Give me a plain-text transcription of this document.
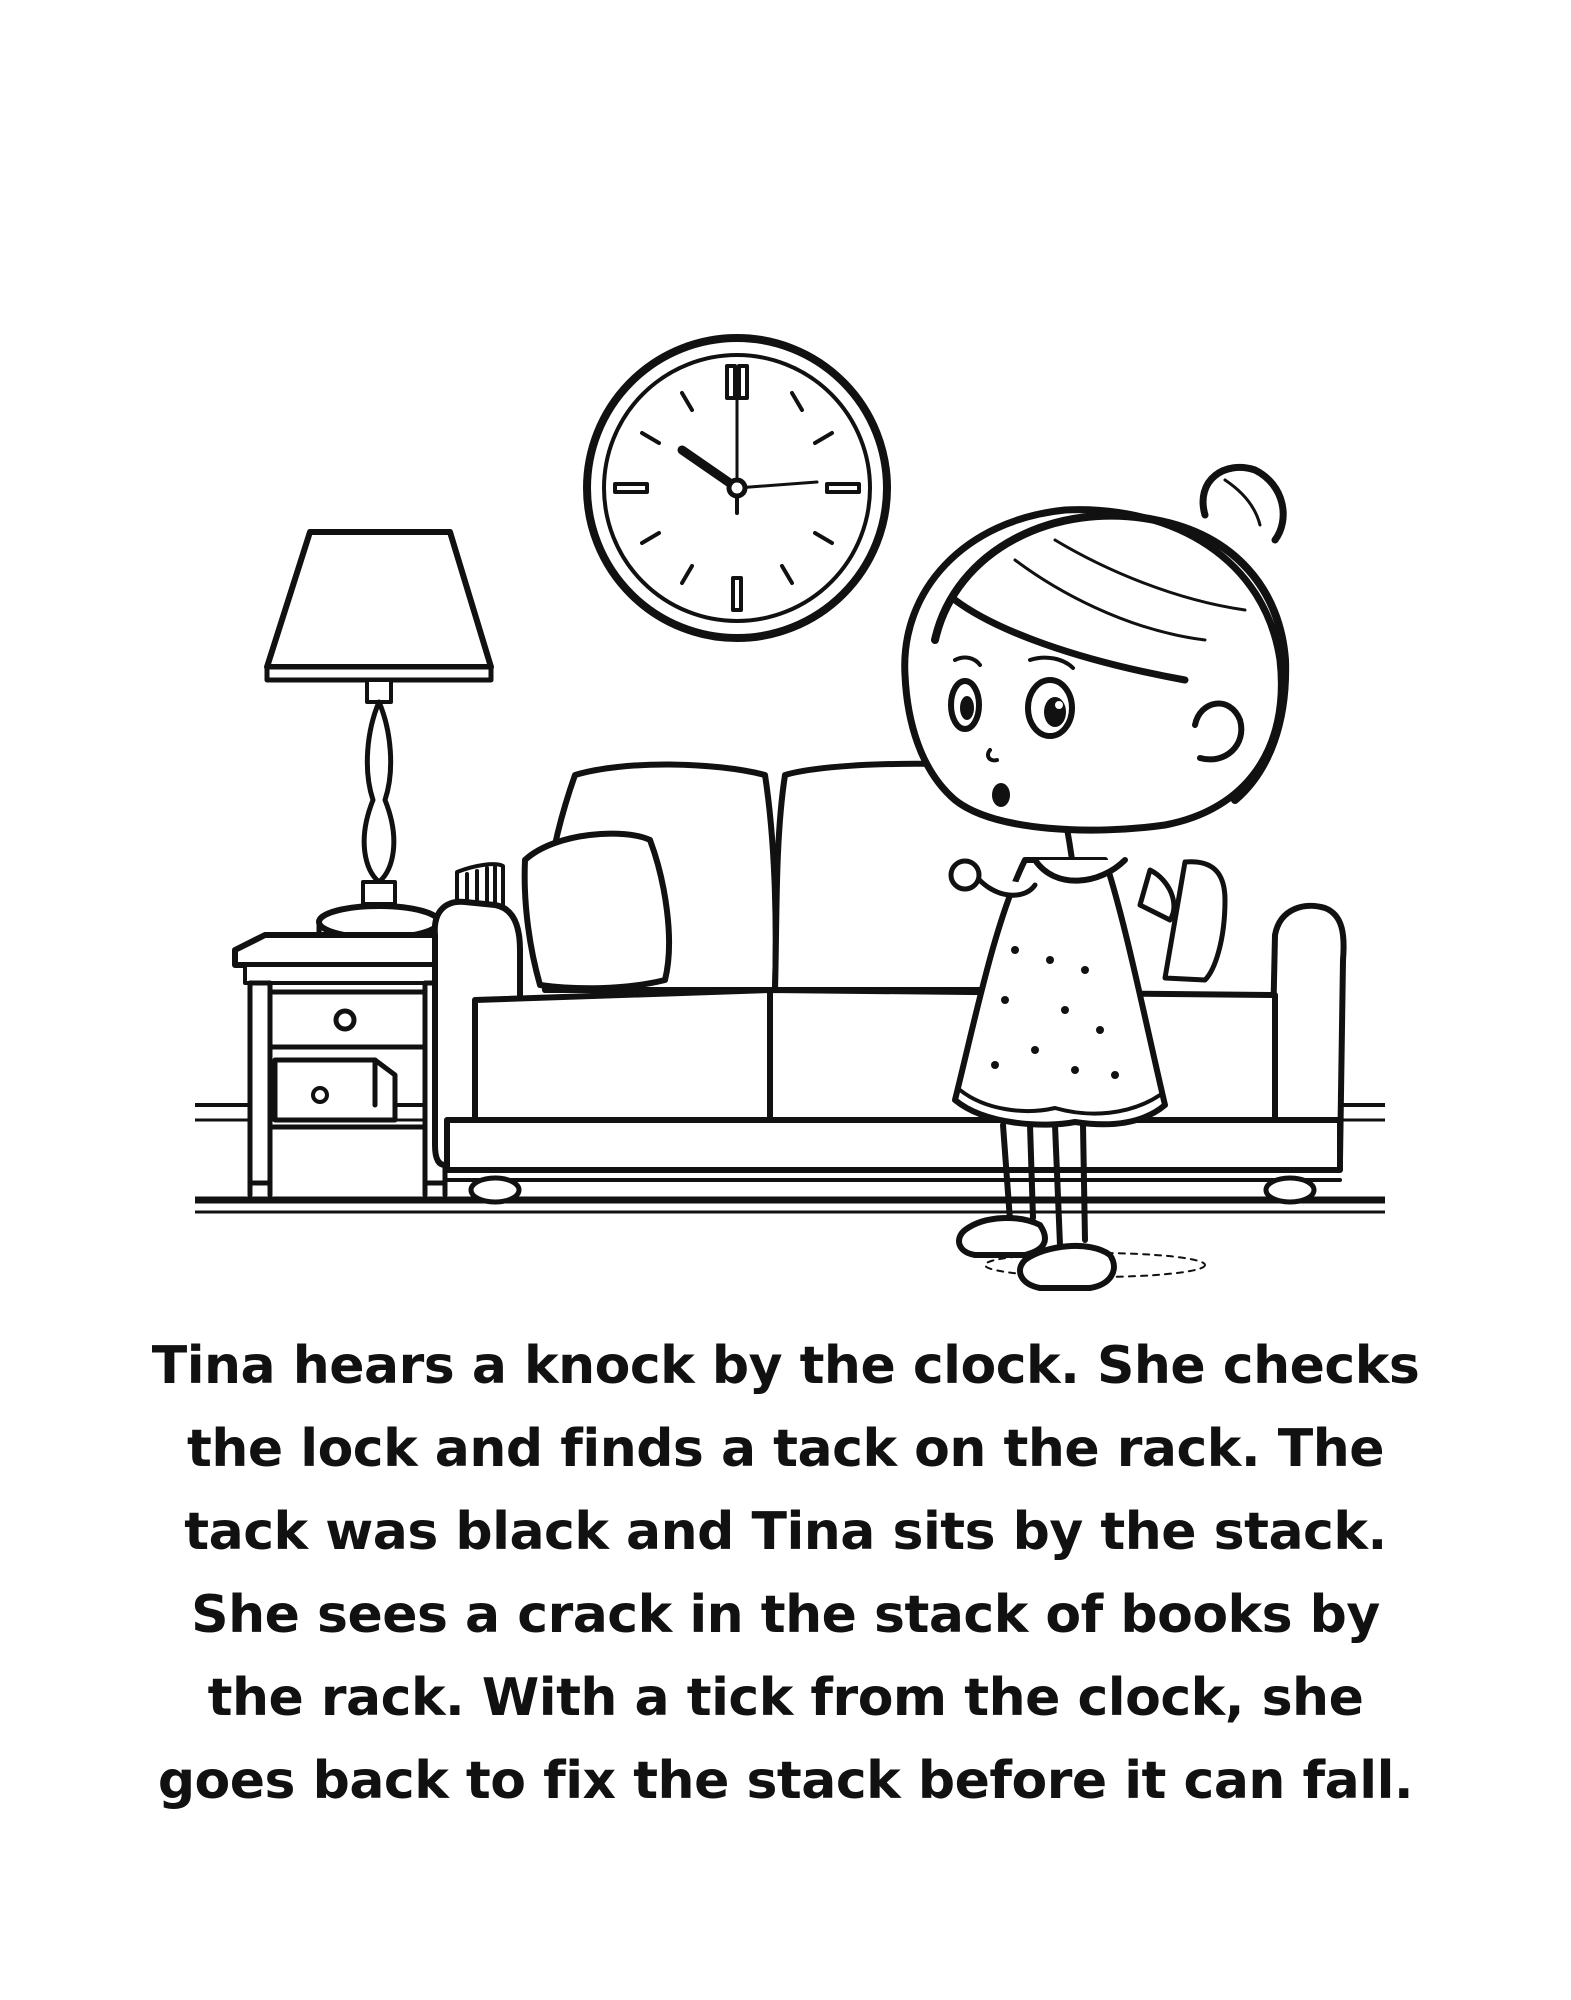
Tina hears a knock by the clock. She checks
the lock and finds a tack on the rack. The
tack was black and Tina sits by the stack.
She sees a crack in the stack of books by
the rack. With a tick from the clock, she
goes back to fix the stack before it can fall.
